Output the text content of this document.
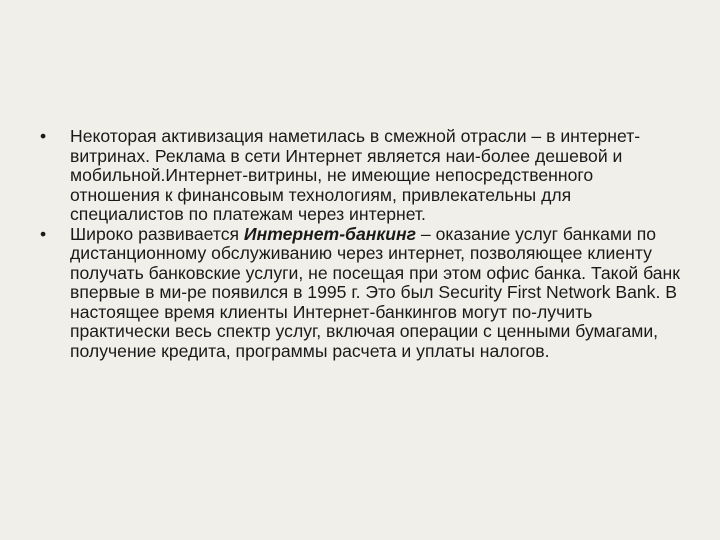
•	Некоторая активизация наметилась в смежной отрасли – в интернет-витринах. Реклама в сети Интернет является наи-более дешевой и мобильной.Интернет-витрины, не имеющие непосредственного отношения к финансовым технологиям, привлекательны для специалистов по платежам через интернет.
•	Широко развивается Интернет-банкинг – оказание услуг банками по дистанционному обслуживанию через интернет, позволяющее клиенту получать банковские услуги, не посещая при этом офис банка. Такой банк впервые в ми-ре появился в 1995 г. Это был Security First Network Bank. В настоящее время клиенты Интернет-банкингов могут по-лучить практически весь спектр услуг, включая операции с ценными бумагами, получение кредита, программы расчета и уплаты налогов.
